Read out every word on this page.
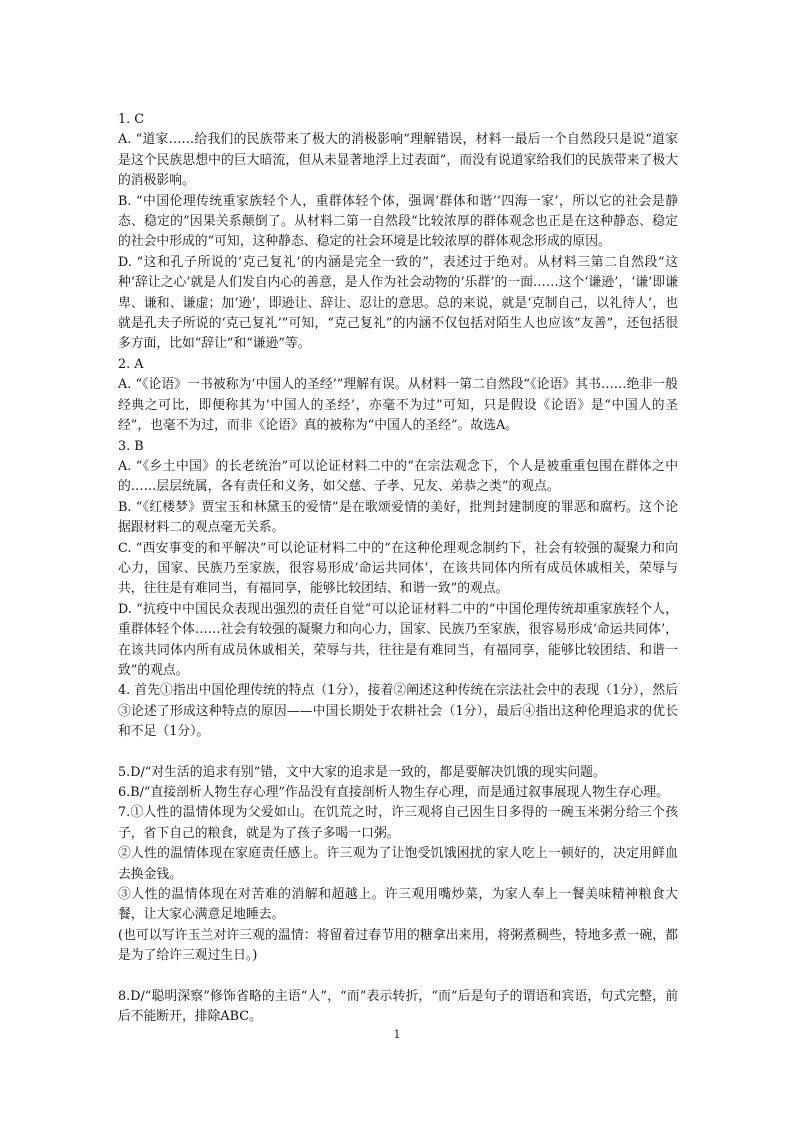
1. C

A. “道家……给我们的民族带来了极大的消极影响”理解错误，材料一最后一个自然段只是说“道家是这个民族思想中的巨大暗流，但从未显著地浮上过表面”，而没有说道家给我们的民族带来了极大的消极影响。

B. “中国伦理传统重家族轻个人，重群体轻个体，强调‘群体和谐’‘四海一家’，所以它的社会是静态、稳定的”因果关系颠倒了。从材料二第一自然段“比较浓厚的群体观念也正是在这种静态、稳定的社会中形成的”可知，这种静态、稳定的社会环境是比较浓厚的群体观念形成的原因。

D. “这和孔子所说的‘克己复礼’的内涵是完全一致的”，表述过于绝对。从材料三第二自然段“这种‘辞让之心’就是人们发自内心的善意，是人作为社会动物的‘乐群’的一面……这个‘谦逊’，‘谦’即谦卑、谦和、谦虚；加‘逊’，即逊让、辞让、忍让的意思。总的来说，就是‘克制自己，以礼待人’，也就是孔夫子所说的‘克己复礼’”可知，“克己复礼”的内涵不仅包括对陌生人也应该“友善”，还包括很多方面，比如“辞让”和“谦逊”等。

2. A

A. “《论语》一书被称为‘中国人的圣经’”理解有误。从材料一第二自然段“《论语》其书……绝非一般经典之可比，即便称其为‘中国人的圣经’，亦毫不为过”可知，只是假设《论语》是“中国人的圣经”，也毫不为过，而非《论语》真的被称为“中国人的圣经”。故选A。

3. B

A. “《乡土中国》的长老统治”可以论证材料二中的“在宗法观念下，个人是被重重包围在群体之中的……层层统属，各有责任和义务，如父慈、子孝、兄友、弟恭之类”的观点。

B. “《红楼梦》贾宝玉和林黛玉的爱情”是在歌颂爱情的美好，批判封建制度的罪恶和腐朽。这个论据跟材料二的观点毫无关系。

C. “西安事变的和平解决”可以论证材料二中的“在这种伦理观念制约下，社会有较强的凝聚力和向心力，国家、民族乃至家族，很容易形成‘命运共同体’，在该共同体内所有成员休戚相关，荣辱与共，往往是有难同当，有福同享，能够比较团结、和谐一致”的观点。

D. “抗疫中中国民众表现出强烈的责任自觉”可以论证材料二中的“中国伦理传统却重家族轻个人，重群体轻个体……社会有较强的凝聚力和向心力，国家、民族乃至家族，很容易形成‘命运共同体’，在该共同体内所有成员休戚相关，荣辱与共，往往是有难同当，有福同享，能够比较团结、和谐一致”的观点。

4. 首先①指出中国伦理传统的特点（1分），接着②阐述这种传统在宗法社会中的表现（1分），然后③论述了形成这种特点的原因——中国长期处于农耕社会（1分），最后④指出这种伦理追求的优长和不足（1分）。

5.D/“对生活的追求有别”错，文中大家的追求是一致的，都是要解决饥饿的现实问题。

6.B/“直接剖析人物生存心理”作品没有直接剖析人物生存心理，而是通过叙事展现人物生存心理。

7.①人性的温情体现为父爱如山。在饥荒之时，许三观将自己因生日多得的一碗玉米粥分给三个孩子，省下自己的粮食，就是为了孩子多喝一口粥。

②人性的温情体现在家庭责任感上。许三观为了让饱受饥饿困扰的家人吃上一顿好的，决定用鲜血去换金钱。

③人性的温情体现在对苦难的消解和超越上。许三观用嘴炒菜，为家人奉上一餐美味精神粮食大餐，让大家心满意足地睡去。

(也可以写许玉兰对许三观的温情：将留着过春节用的糖拿出来用，将粥煮稠些，特地多煮一碗，都是为了给许三观过生日。)

8.D/“聪明深察”修饰省略的主语“人”，“而”表示转折，“而”后是句子的谓语和宾语，句式完整，前后不能断开，排除ABC。

1
